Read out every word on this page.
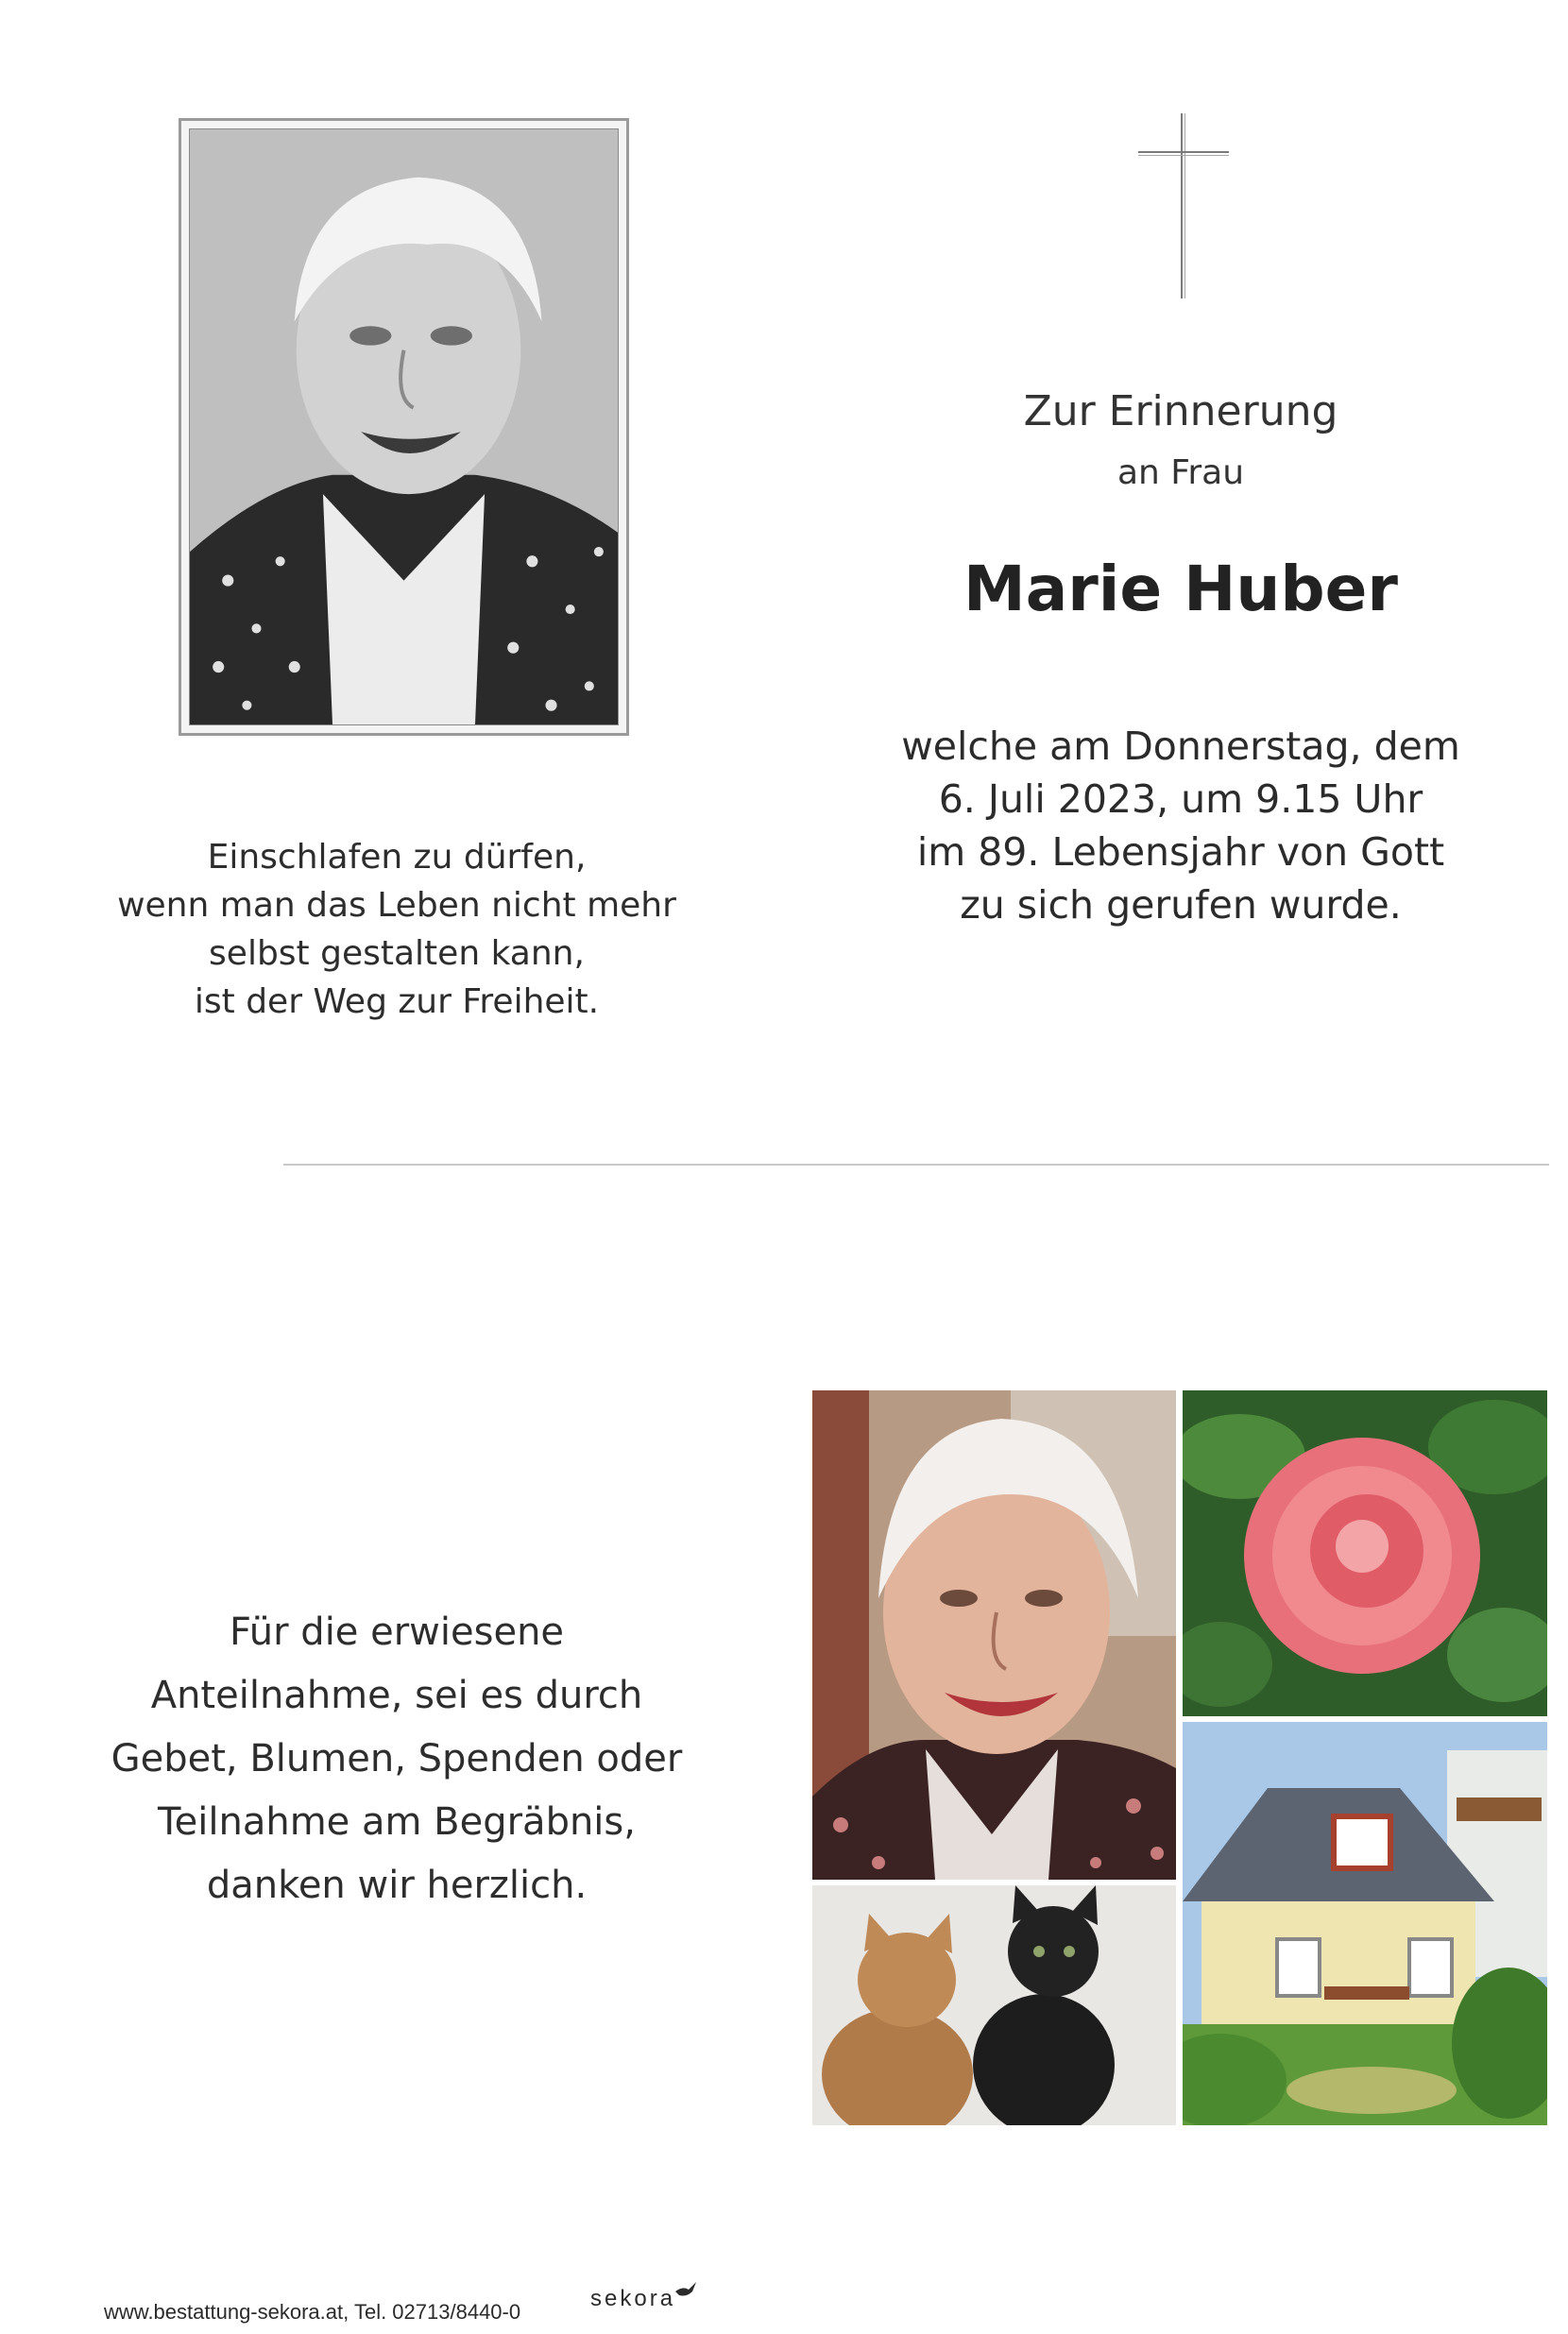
Einschlafen zu dürfen,
wenn man das Leben nicht mehr
selbst gestalten kann,
ist der Weg zur Freiheit.
Zur Erinnerung
an Frau
Marie Huber
welche am Donnerstag, dem
6. Juli 2023, um 9.15 Uhr
im 89. Lebensjahr von Gott
zu sich gerufen wurde.
Für die erwiesene
Anteilnahme, sei es durch
Gebet, Blumen, Spenden oder
Teilnahme am Begräbnis,
danken wir herzlich.
www.bestattung-sekora.at, Tel. 02713/8440-0
sekora
